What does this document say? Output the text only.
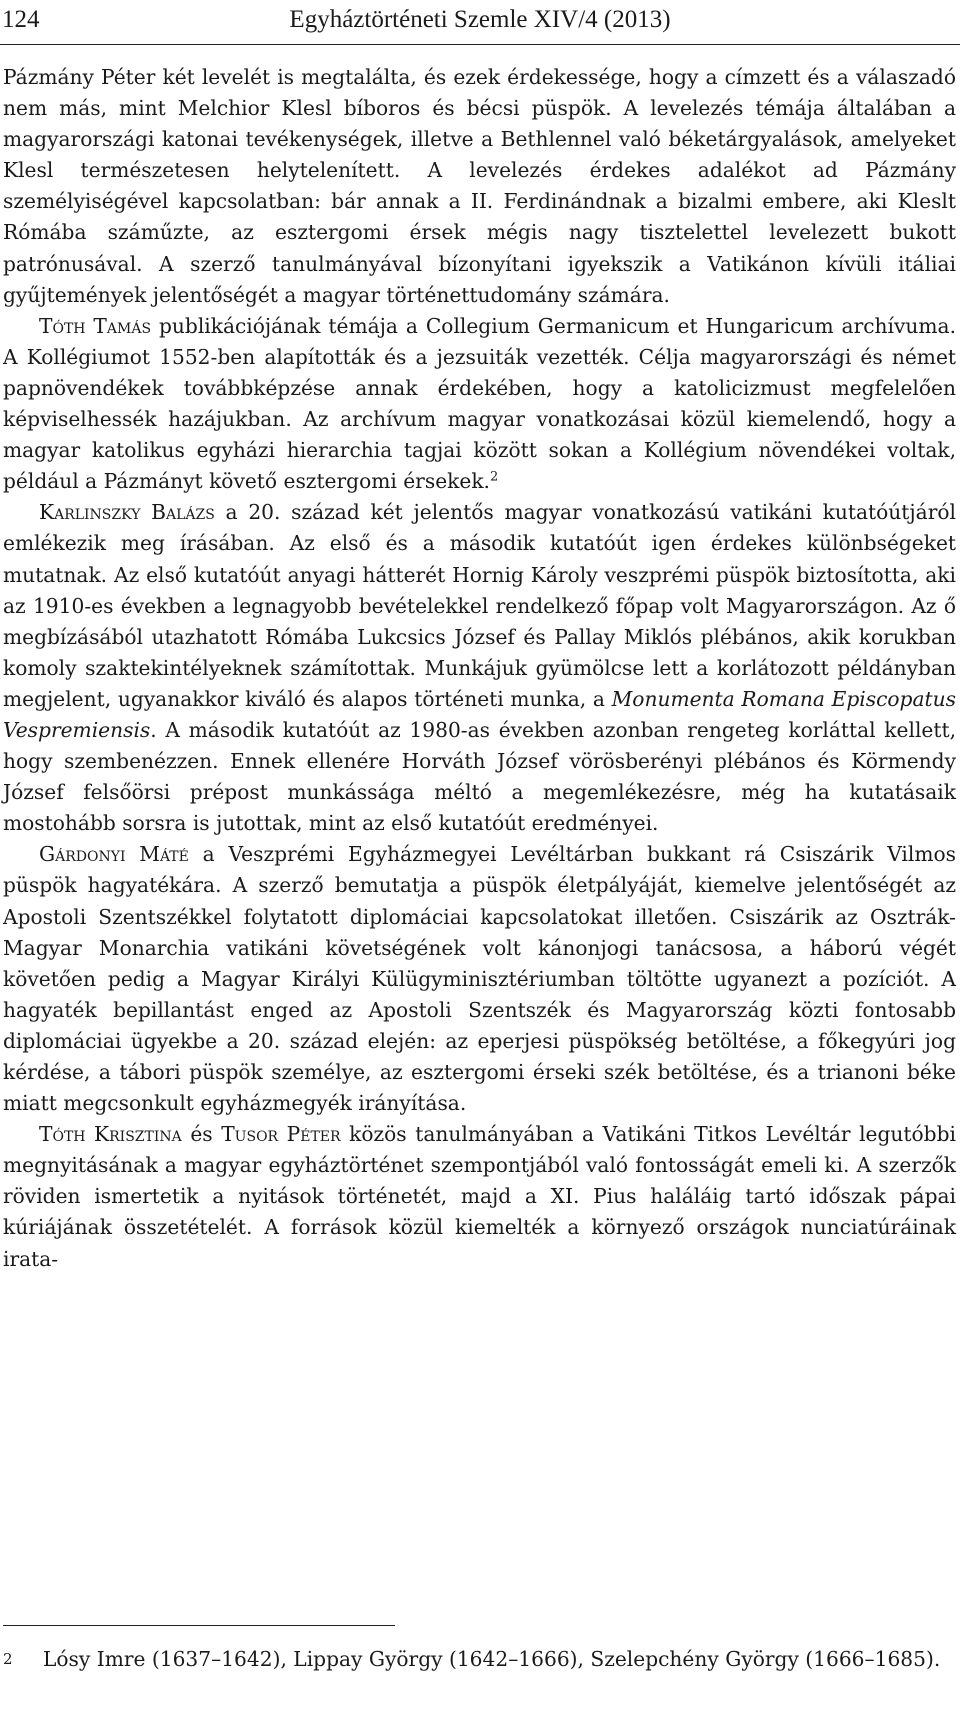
124	Egyháztörténeti Szemle XIV/4 (2013)

Pázmány Péter két levelét is megtalálta, és ezek érdekessége, hogy a címzett és a válaszadó nem más, mint Melchior Klesl bíboros és bécsi püspök. A levelezés témája általában a magyarországi katonai tevékenységek, illetve a Bethlennel való béketárgyalások, amelyeket Klesl természetesen helytelenített. A levelezés érdekes adalékot ad Pázmány személyiségével kapcsolatban: bár annak a II. Ferdinándnak a bizalmi embere, aki Kleslt Rómába száműzte, az esztergomi érsek mégis nagy tisztelettel levelezett bukott patrónusával. A szerző tanulmányával bízonyítani igyekszik a Vatikánon kívüli itáliai gyűjtemények jelentőségét a magyar történettudomány számára.

Tóth Tamás publikációjának témája a Collegium Germanicum et Hungaricum archívuma. A Kollégiumot 1552-ben alapították és a jezsuiták vezették. Célja magyarországi és német papnövendékek továbbképzése annak érdekében, hogy a katolicizmust megfelelően képviselhessék hazájukban. Az archívum magyar vonatkozásai közül kiemelendő, hogy a magyar katolikus egyházi hierarchia tagjai között sokan a Kollégium növendékei voltak, például a Pázmányt követő esztergomi érsekek.$^2$

Karlinszky Balázs a 20. század két jelentős magyar vonatkozású vatikáni kutatóútjáról emlékezik meg írásában. Az első és a második kutatóút igen érdekes különbségeket mutatnak. Az első kutatóút anyagi hátterét Hornig Károly veszprémi püspök biztosította, aki az 1910-es években a legnagyobb bevételekkel rendelkező főpap volt Magyarországon. Az ő megbízásából utazhatott Rómába Lukcsics József és Pallay Miklós plébános, akik korukban komoly szaktekintélyeknek számítottak. Munkájuk gyümölcse lett a korlátozott példányban megjelent, ugyanakkor kiváló és alapos történeti munka, a Monumenta Romana Episcopatus Vespremiensis. A második kutatóút az 1980-as években azonban rengeteg korláttal kellett, hogy szembenézzen. Ennek ellenére Horváth József vörösberényi plébános és Körmendy József felsőörsi prépost munkássága méltó a megemlékezésre, még ha kutatásaik mostohább sorsra is jutottak, mint az első kutatóút eredményei.

Gárdonyi Máté a Veszprémi Egyházmegyei Levéltárban bukkant rá Csiszárik Vilmos püspök hagyatékára. A szerző bemutatja a püspök életpályáját, kiemelve jelentőségét az Apostoli Szentszékkel folytatott diplomáciai kapcsolatokat illetően. Csiszárik az Osztrák-Magyar Monarchia vatikáni követségének volt kánonjogi tanácsosa, a háború végét követően pedig a Magyar Királyi Külügyminisztériumban töltötte ugyanezt a pozíciót. A hagyaték bepillantást enged az Apostoli Szentszék és Magyarország közti fontosabb diplomáciai ügyekbe a 20. század elején: az eperjesi püspökség betöltése, a főkegyúri jog kérdése, a tábori püspök személye, az esztergomi érseki szék betöltése, és a trianoni béke miatt megcsonkult egyházmegyék irányítása.

Tóth Krisztina és Tusor Péter közös tanulmányában a Vatikáni Titkos Levéltár legutóbbi megnyitásának a magyar egyháztörténet szempontjából való fontosságát emeli ki. A szerzők röviden ismertetik a nyitások történetét, majd a XI. Pius haláláig tartó időszak pápai kúriájának összetételét. A források közül kiemelték a környező országok nunciatúráinak irata-

2 Lósy Imre (1637–1642), Lippay György (1642–1666), Szelepchény György (1666–1685).
